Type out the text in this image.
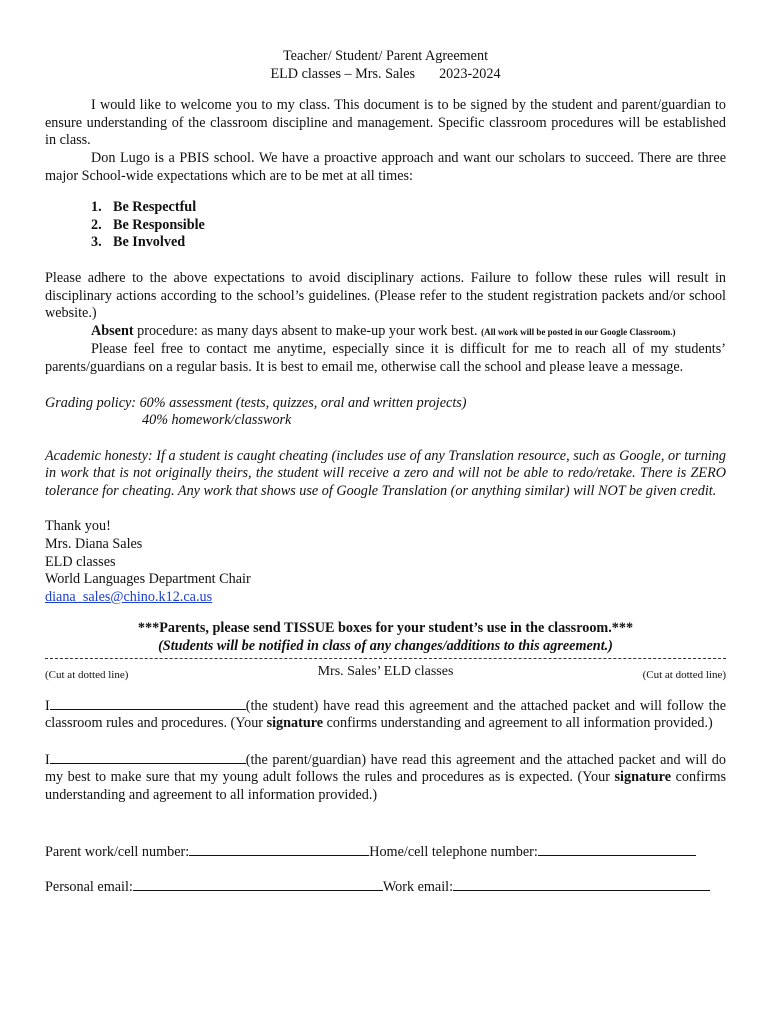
Teacher/ Student/ Parent Agreement
ELD classes – Mrs. Sales 2023-2024

I would like to welcome you to my class. This document is to be signed by the student and parent/guardian to ensure understanding of the classroom discipline and management. Specific classroom procedures will be established in class.

Don Lugo is a PBIS school. We have a proactive approach and want our scholars to succeed. There are three major School-wide expectations which are to be met at all times:

1. Be Respectful
2. Be Responsible
3. Be Involved

Please adhere to the above expectations to avoid disciplinary actions. Failure to follow these rules will result in disciplinary actions according to the school’s guidelines. (Please refer to the student registration packets and/or school website.)

Absent procedure: as many days absent to make-up your work best. (All work will be posted in our Google Classroom.)

Please feel free to contact me anytime, especially since it is difficult for me to reach all of my students’ parents/guardians on a regular basis. It is best to email me, otherwise call the school and please leave a message.

Grading policy: 60% assessment (tests, quizzes, oral and written projects)
40% homework/classwork

Academic honesty: If a student is caught cheating (includes use of any Translation resource, such as Google, or turning in work that is not originally theirs, the student will receive a zero and will not be able to redo/retake. There is ZERO tolerance for cheating. Any work that shows use of Google Translation (or anything similar) will NOT be given credit.

Thank you!
Mrs. Diana Sales
ELD classes
World Languages Department Chair
diana_sales@chino.k12.ca.us
***Parents, please send TISSUE boxes for your student’s use in the classroom.***
(Students will be notified in class of any changes/additions to this agreement.)
(Cut at dotted line)	Mrs. Sales’ ELD classes	(Cut at dotted line)

I	(the student) have read this agreement and the attached packet and will follow the classroom rules and procedures. (Your signature confirms understanding and agreement to all information provided.)

I	(the parent/guardian) have read this agreement and the attached packet and will do my best to make sure that my young adult follows the rules and procedures as is expected. (Your signature confirms understanding and agreement to all information provided.)

Parent work/cell number:	Home/cell telephone number:
Personal email:	Work email:
